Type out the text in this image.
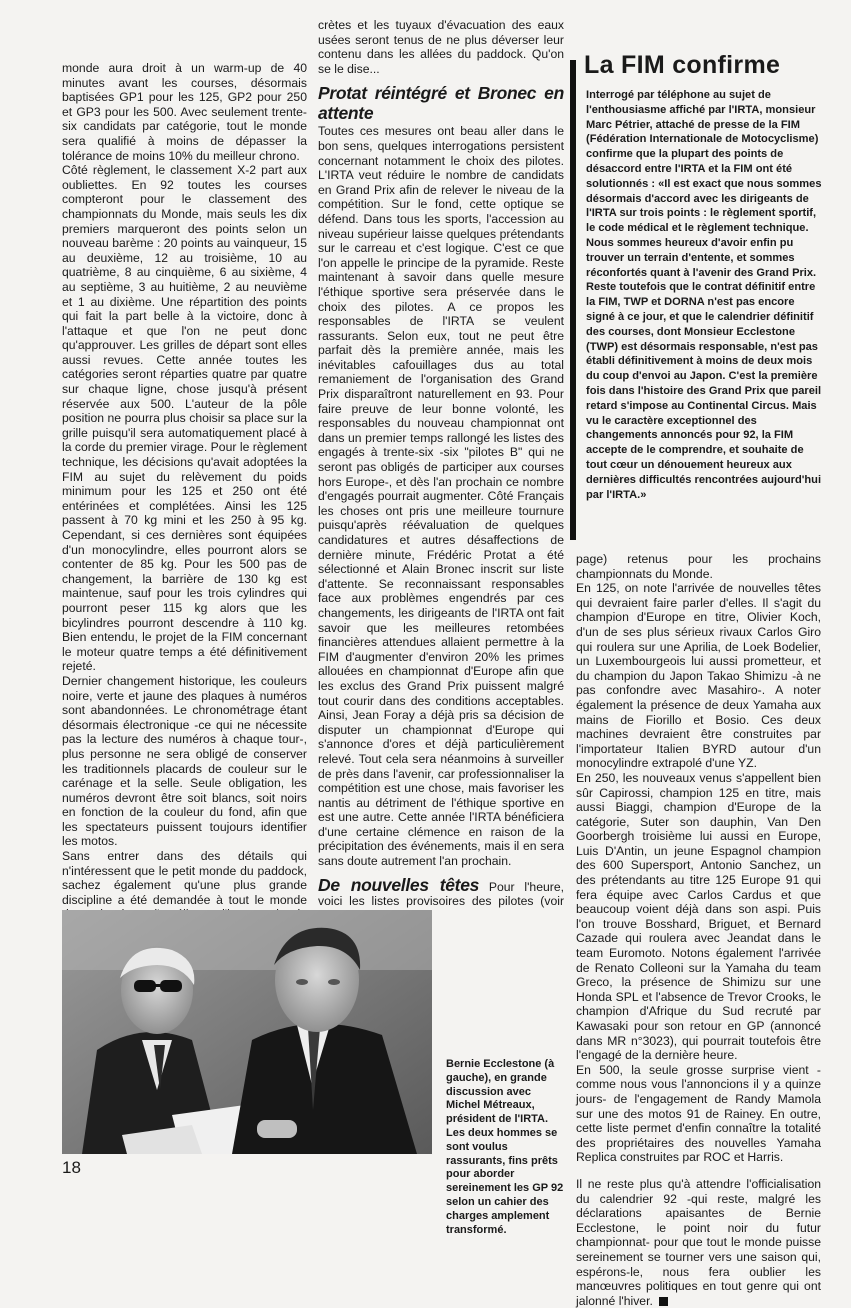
monde aura droit à un warm-up de 40 minutes avant les courses, désormais baptisées GP1 pour les 125, GP2 pour 250 et GP3 pour les 500. Avec seulement trente-six candidats par catégorie, tout le monde sera qualifié à moins de dépasser la tolérance de moins 10% du meilleur chrono.

Côté règlement, le classement X-2 part aux oubliettes. En 92 toutes les courses compteront pour le classement des championnats du Monde, mais seuls les dix premiers marqueront des points selon un nouveau barème : 20 points au vainqueur, 15 au deuxième, 12 au troisième, 10 au quatrième, 8 au cinquième, 6 au sixième, 4 au septième, 3 au huitième, 2 au neuvième et 1 au dixième. Une répartition des points qui fait la part belle à la victoire, donc à l'attaque et que l'on ne peut donc qu'approuver. Les grilles de départ sont elles aussi revues. Cette année toutes les catégories seront réparties quatre par quatre sur chaque ligne, chose jusqu'à présent réservée aux 500. L'auteur de la pôle position ne pourra plus choisir sa place sur la grille puisqu'il sera automatiquement placé à la corde du premier virage. Pour le règlement technique, les décisions qu'avait adoptées la FIM au sujet du relèvement du poids minimum pour les 125 et 250 ont été entérinées et complétées. Ainsi les 125 passent à 70 kg mini et les 250 à 95 kg. Cependant, si ces dernières sont équipées d'un monocylindre, elles pourront alors se contenter de 85 kg. Pour les 500 pas de changement, la barrière de 130 kg est maintenue, sauf pour les trois cylindres qui pourront peser 115 kg alors que les bicylindres pourront descendre à 110 kg. Bien entendu, le projet de la FIM concernant le moteur quatre temps a été définitivement rejeté.

Dernier changement historique, les couleurs noire, verte et jaune des plaques à numéros sont abandonnées. Le chronométrage étant désormais électronique -ce qui ne nécessite pas la lecture des numéros à chaque tour-, plus personne ne sera obligé de conserver les traditionnels placards de couleur sur le carénage et la selle. Seule obligation, les numéros devront être soit blancs, soit noirs en fonction de la couleur du fond, afin que les spectateurs puissent toujours identifier les motos.

Sans entrer dans des détails qui n'intéressent que le petit monde du paddock, sachez également qu'une plus grande discipline a été demandée à tout le monde

crètes et les tuyaux d'évacuation des eaux usées seront tenus de ne plus déverser leur contenu dans les allées du paddock. Qu'on se le dise...

Protat réintégré et Bronec en attente

Toutes ces mesures ont beau aller dans le bon sens, quelques interrogations persistent concernant notamment le choix des pilotes. L'IRTA veut réduire le nombre de candidats en Grand Prix afin de relever le niveau de la compétition. Sur le fond, cette optique se défend. Dans tous les sports, l'accession au niveau supérieur laisse quelques prétendants sur le carreau et c'est logique. C'est ce que l'on appelle le principe de la pyramide. Reste maintenant à savoir dans quelle mesure l'éthique sportive sera préservée dans le choix des pilotes. A ce propos les responsables de l'IRTA se veulent rassurants. Selon eux, tout ne peut être parfait dès la première année, mais les inévitables cafouillages dus au total remaniement de l'organisation des Grand Prix disparaîtront naturellement en 93. Pour faire preuve de leur bonne volonté, les responsables du nouveau championnat ont dans un premier temps rallongé les listes des engagés à trente-six -six "pilotes B" qui ne seront pas obligés de participer aux courses hors Europe-, et dès l'an prochain ce nombre d'engagés pourrait augmenter. Côté Français les choses ont pris une meilleure tournure puisqu'après réévaluation de quelques candidatures et autres désaffections de dernière minute, Frédéric Protat a été sélectionné et Alain Bronec inscrit sur liste d'attente. Se reconnaissant responsables face aux problèmes engendrés par ces changements, les dirigeants de l'IRTA ont fait savoir que les meilleures retombées financières attendues allaient permettre à la FIM d'augmenter d'environ 20% les primes allouées en championnat d'Europe afin que les exclus des Grand Prix puissent malgré tout courir dans des conditions acceptables. Ainsi, Jean Foray a déjà pris sa décision de disputer un championnat d'Europe qui s'annonce d'ores et déjà particulièrement relevé. Tout cela sera néanmoins à surveiller de près dans l'avenir, car professionnaliser la compétition est une chose, mais favoriser les nantis au détriment de l'éthique sportive en est une autre. Cette année l'IRTA bénéficiera d'une certaine clémence en raison de la précipitation des événements, mais il en sera sans doute autrement l'an prochain.

De nouvelles têtes Pour l'heure, voici les listes provisoires des pilotes (voir

La FIM confirme

Interrogé par téléphone au sujet de l'enthousiasme affiché par l'IRTA, monsieur Marc Pétrier, attaché de presse de la FIM (Fédération Internationale de Motocyclisme) confirme que la plupart des points de désaccord entre l'IRTA et la FIM ont été solutionnés : «Il est exact que nous sommes désormais d'accord avec les dirigeants de l'IRTA sur trois points : le règlement sportif, le code médical et le règlement technique. Nous sommes heureux d'avoir enfin pu trouver un terrain d'entente, et sommes réconfortés quant à l'avenir des Grand Prix. Reste toutefois que le contrat définitif entre la FIM, TWP et DORNA n'est pas encore signé à ce jour, et que le calendrier définitif des courses, dont Monsieur Ecclestone (TWP) est désormais responsable, n'est pas établi définitivement à moins de deux mois du coup d'envoi au Japon. C'est la première fois dans l'histoire des Grand Prix que pareil retard s'impose au Continental Circus. Mais vu le caractère exceptionnel des changements annoncés pour 92, la FIM accepte de le comprendre, et souhaite de tout cœur un dénouement heureux aux dernières difficultés rencontrées aujourd'hui par l'IRTA.»

page) retenus pour les prochains championnats du Monde.

En 125, on note l'arrivée de nouvelles têtes qui devraient faire parler d'elles. Il s'agit du champion d'Europe en titre, Olivier Koch, d'un de ses plus sérieux rivaux Carlos Giro qui roulera sur une Aprilia, de Loek Bodelier, un Luxembourgeois lui aussi prometteur, et du champion du Japon Takao Shimizu -à ne pas confondre avec Masahiro-. A noter également la présence de deux Yamaha aux mains de Fiorillo et Bosio. Ces deux machines devraient être construites par l'importateur Italien BYRD autour d'un monocylindre extrapolé d'une YZ.

En 250, les nouveaux venus s'appellent bien sûr Capirossi, champion 125 en titre, mais aussi Biaggi, champion d'Europe de la catégorie, Suter son dauphin, Van Den Goorbergh troisième lui aussi en Europe, Luis D'Antin, un jeune Espagnol champion des 600 Supersport, Antonio Sanchez, un des prétendants au titre 125 Europe 91 qui fera équipe avec Carlos Cardus et que beaucoup voient déjà dans son aspi. Puis l'on trouve Bosshard, Briguet, et Bernard Cazade qui roulera avec Jeandat dans le team Euromoto. Notons également l'arrivée de Renato Colleoni sur la Yamaha du team Greco, la présence de Shimizu sur une Honda SPL et l'absence de Trevor Crooks, le champion d'Afrique du Sud recruté par Kawasaki pour son retour en GP (annoncé dans MR n°3023), qui pourrait toutefois être l'engagé de la dernière heure.

En 500, la seule grosse surprise vient -comme nous vous l'annoncions il y a quinze jours- de l'engagement de Randy Mamola sur une des motos 91 de Rainey. En outre, cette liste permet d'enfin connaître la totalité des propriétaires des nouvelles Yamaha Replica construites par ROC et Harris.

Il ne reste plus qu'à attendre l'officialisation du calendrier 92 -qui reste, malgré les déclarations apaisantes de Bernie Ecclestone, le point noir du futur championnat- pour que tout le monde puisse sereinement se tourner vers une saison qui, espérons-le, nous fera oublier les manœuvres politiques en tout genre qui ont jalonné l'hiver.

Bernie Ecclestone (à gauche), en grande discussion avec Michel Métreaux, président de l'IRTA. Les deux hommes se sont voulus rassurants, fins prêts pour aborder sereinement les GP 92 selon un cahier des charges amplement transformé.

18
